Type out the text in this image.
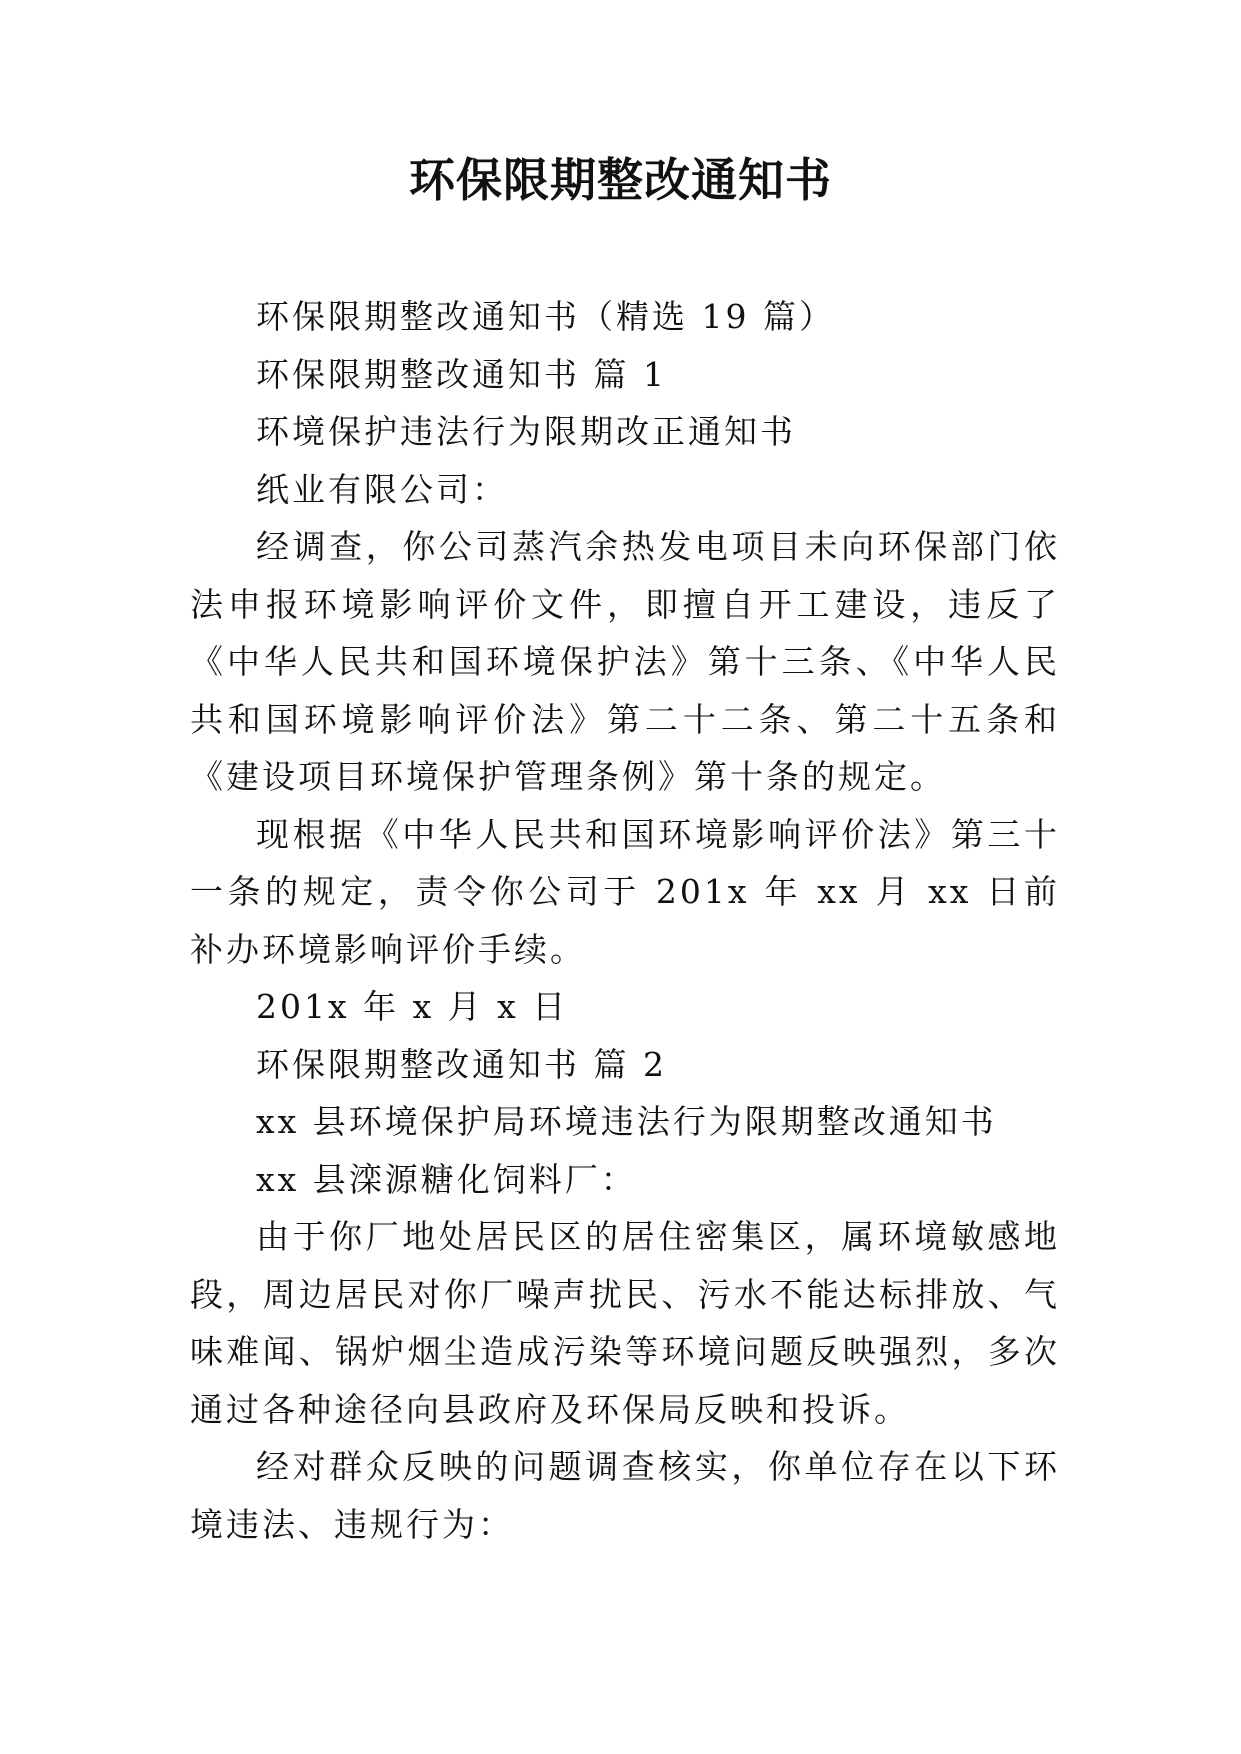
环保限期整改通知书

环保限期整改通知书（精选 19 篇）

环保限期整改通知书 篇 1

环境保护违法行为限期改正通知书

纸业有限公司：

经调查，你公司蒸汽余热发电项目未向环保部门依法申报环境影响评价文件，即擅自开工建设，违反了《中华人民共和国环境保护法》第十三条、《中华人民共和国环境影响评价法》第二十二条、第二十五条和《建设项目环境保护管理条例》第十条的规定。

现根据《中华人民共和国环境影响评价法》第三十一条的规定，责令你公司于 201x 年 xx 月 xx 日前补办环境影响评价手续。

201x 年 x 月 x 日

环保限期整改通知书 篇 2

xx 县环境保护局环境违法行为限期整改通知书

xx 县滦源糖化饲料厂：

由于你厂地处居民区的居住密集区，属环境敏感地段，周边居民对你厂噪声扰民、污水不能达标排放、气味难闻、锅炉烟尘造成污染等环境问题反映强烈，多次通过各种途径向县政府及环保局反映和投诉。

经对群众反映的问题调查核实，你单位存在以下环境违法、违规行为：
